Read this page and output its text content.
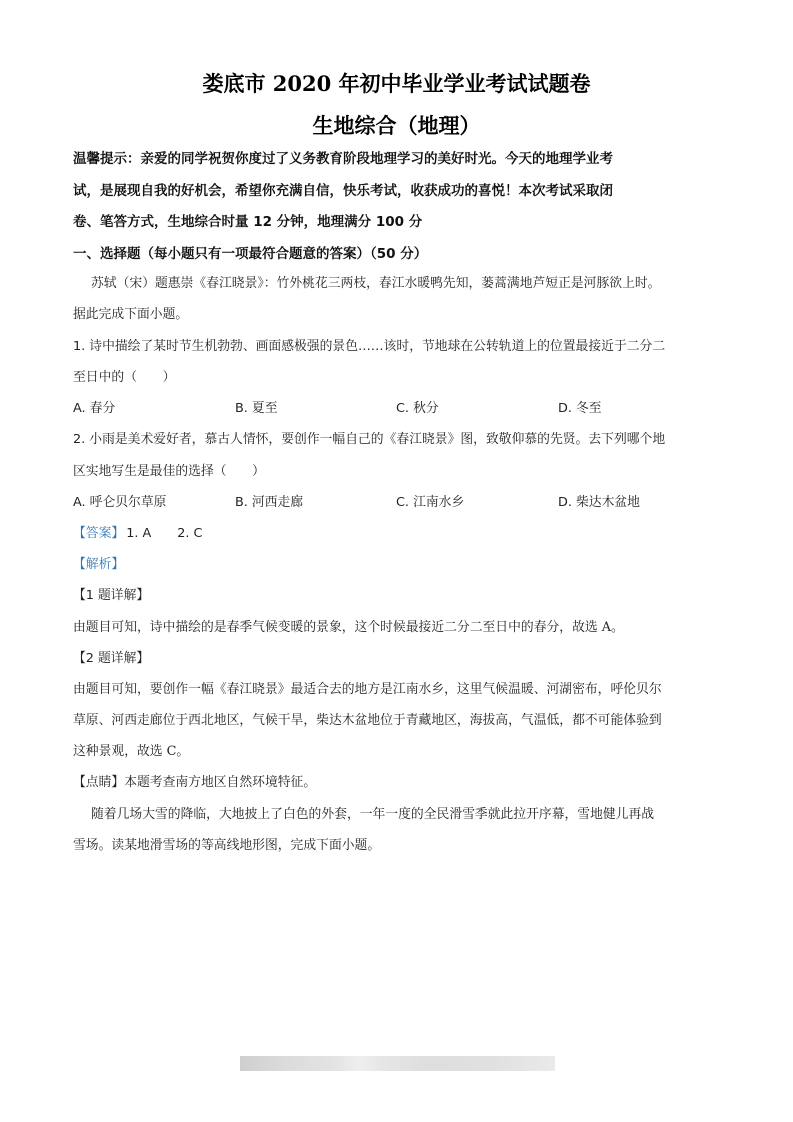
娄底市 2020 年初中毕业学业考试试题卷
生地综合（地理）
温馨提示：亲爱的同学祝贺你度过了义务教育阶段地理学习的美好时光。今天的地理学业考
试，是展现自我的好机会，希望你充满自信，快乐考试，收获成功的喜悦！本次考试采取闭
卷、笔答方式，生地综合时量 12 分钟，地理满分 100 分
一、选择题（每小题只有一项最符合题意的答案）（50 分）
苏轼（宋）题惠崇《春江晓景》：竹外桃花三两枝，春江水暖鸭先知，蒌蒿满地芦短正是河豚欲上时。
据此完成下面小题。
1. 诗中描绘了某时节生机勃勃、画面感极强的景色……该时，节地球在公转轨道上的位置最接近于二分二
至日中的（　　）
A. 春分	B. 夏至	C. 秋分	D. 冬至
2. 小雨是美术爱好者，慕古人情怀，要创作一幅自己的《春江晓景》图，致敬仰慕的先贤。去下列哪个地
区实地写生是最佳的选择（　　）
A. 呼仑贝尔草原	B. 河西走廊	C. 江南水乡	D. 柴达木盆地
【答案】 1. A 2. C
【解析】
【1 题详解】
由题目可知，诗中描绘的是春季气候变暖的景象，这个时候最接近二分二至日中的春分，故选 A。
【2 题详解】
由题目可知，要创作一幅《春江晓景》最适合去的地方是江南水乡，这里气候温暖、河湖密布，呼伦贝尔
草原、河西走廊位于西北地区，气候干旱，柴达木盆地位于青藏地区，海拔高，气温低，都不可能体验到
这种景观，故选 C。
【点睛】本题考查南方地区自然环境特征。
随着几场大雪的降临，大地披上了白色的外套，一年一度的全民滑雪季就此拉开序幕，雪地健儿再战
雪场。读某地滑雪场的等高线地形图，完成下面小题。
